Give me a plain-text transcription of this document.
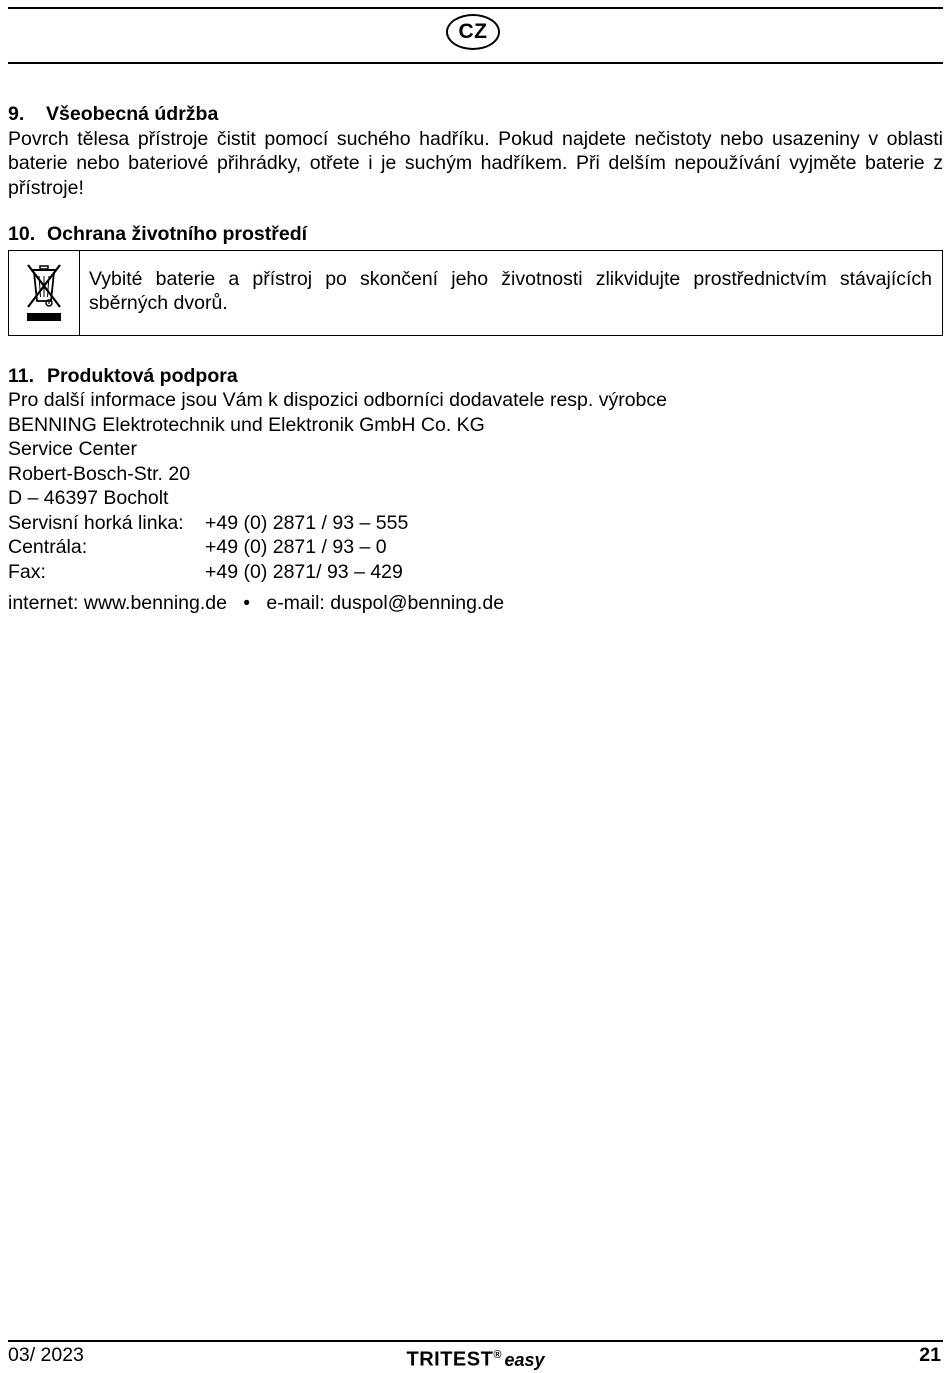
CZ
9. Všeobecná údržba

Povrch tělesa přístroje čistit pomocí suchého hadříku. Pokud najdete nečistoty nebo usazeniny v oblasti baterie nebo bateriové přihrádky, otřete i je suchým hadříkem. Při delším nepoužívání vyjměte baterie z přístroje!

10. Ochrana životního prostředí
Vybité baterie a přístroj po skončení jeho životnosti zlikvidujte prostřednictvím stávajících sběrných dvorů.
11. Produktová podpora
Pro další informace jsou Vám k dispozici odborníci dodavatele resp. výrobce
BENNING Elektrotechnik und Elektronik GmbH Co. KG
Service Center
Robert-Bosch-Str. 20
D – 46397 Bocholt
Servisní horká linka:	+49 (0) 2871 / 93 – 555
Centrála:	+49 (0) 2871 / 93 – 0
Fax:	+49 (0) 2871/ 93 – 429
internet: www.benning.de • e-mail: duspol@benning.de
03/ 2023	TRITEST® easy	21
